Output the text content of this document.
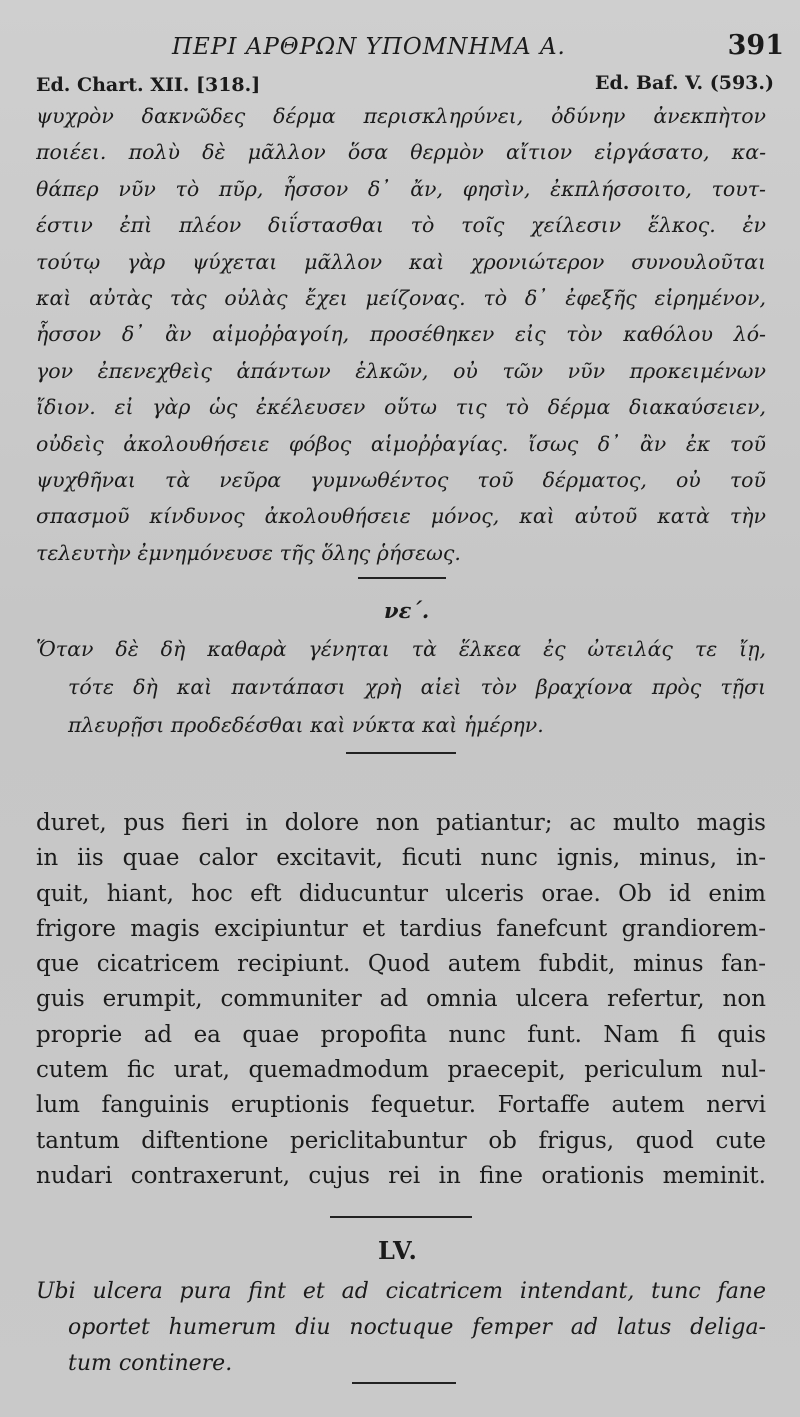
ΠΕΡΙ ΑΡΘΡΩΝ ΥΠΟΜΝΗΜΑ Α.	391
Ed. Chart. XII. [318.]	Ed. Baf. V. (593.)
ψυχρὸν δακνῶδες δέρμα περισκληρύνει, ὀδύνην ἀνεκπὴτον
ποιέει. πολὺ δὲ μᾶλλον ὅσα θερμὸν αἴτιον εἰργάσατο, κα-
θάπερ νῦν τὸ πῦρ, ἧσσον δ᾽ ἄν, φησὶν, ἐκπλήσσοιτο, τουτ-
έστιν ἐπὶ πλέον διΐστασθαι τὸ τοῖς χείλεσιν ἕλκος. ἐν
τούτῳ γὰρ ψύχεται μᾶλλον καὶ χρονιώτερον συνουλοῦται
καὶ αὐτὰς τὰς οὐλὰς ἔχει μείζονας. τὸ δ᾽ ἐφεξῆς εἰρημένον,
ἧσσον δ᾽ ἂν αἱμοῤῥαγοίη, προσέθηκεν εἰς τὸν καθόλου λό-
γον ἐπενεχθεὶς ἁπάντων ἑλκῶν, οὐ τῶν νῦν προκειμένων
ἴδιον. εἰ γὰρ ὡς ἐκέλευσεν οὕτω τις τὸ δέρμα διακαύσειεν,
οὐδεὶς ἀκολουθήσειε φόβος αἱμοῤῥαγίας. ἴσως δ᾽ ἂν ἐκ τοῦ
ψυχθῆναι τὰ νεῦρα γυμνωθέντος τοῦ δέρματος, οὐ τοῦ
σπασμοῦ κίνδυνος ἀκολουθήσειε μόνος, καὶ αὐτοῦ κατὰ τὴν
τελευτὴν ἐμνημόνευσε τῆς ὅλης ῥήσεως.
νε΄.
Ὅταν δὲ δὴ καθαρὰ γένηται τὰ ἕλκεα ἐς ὠτειλάς τε ἴῃ,
τότε δὴ καὶ παντάπασι χρὴ αἰεὶ τὸν βραχίονα πρὸς τῇσι
πλευρῇσι προδεδέσθαι καὶ νύκτα καὶ ἡμέρην.
duret, pus fieri in dolore non patiantur; ac multo magis
in iis quae calor excitavit, ficuti nunc ignis, minus, in-
quit, hiant, hoc eft diducuntur ulceris orae. Ob id enim
frigore magis excipiuntur et tardius fanefcunt grandiorem-
que cicatricem recipiunt. Quod autem fubdit, minus fan-
guis erumpit, communiter ad omnia ulcera refertur, non
proprie ad ea quae propofita nunc funt. Nam fi quis
cutem fic urat, quemadmodum praecepit, periculum nul-
lum fanguinis eruptionis fequetur. Fortaffe autem nervi
tantum diftentione periclitabuntur ob frigus, quod cute
nudari contraxerunt, cujus rei in fine orationis meminit.
LV.
Ubi ulcera pura fint et ad cicatricem intendant, tunc fane
oportet humerum diu noctuque femper ad latus deliga-
tum continere.
